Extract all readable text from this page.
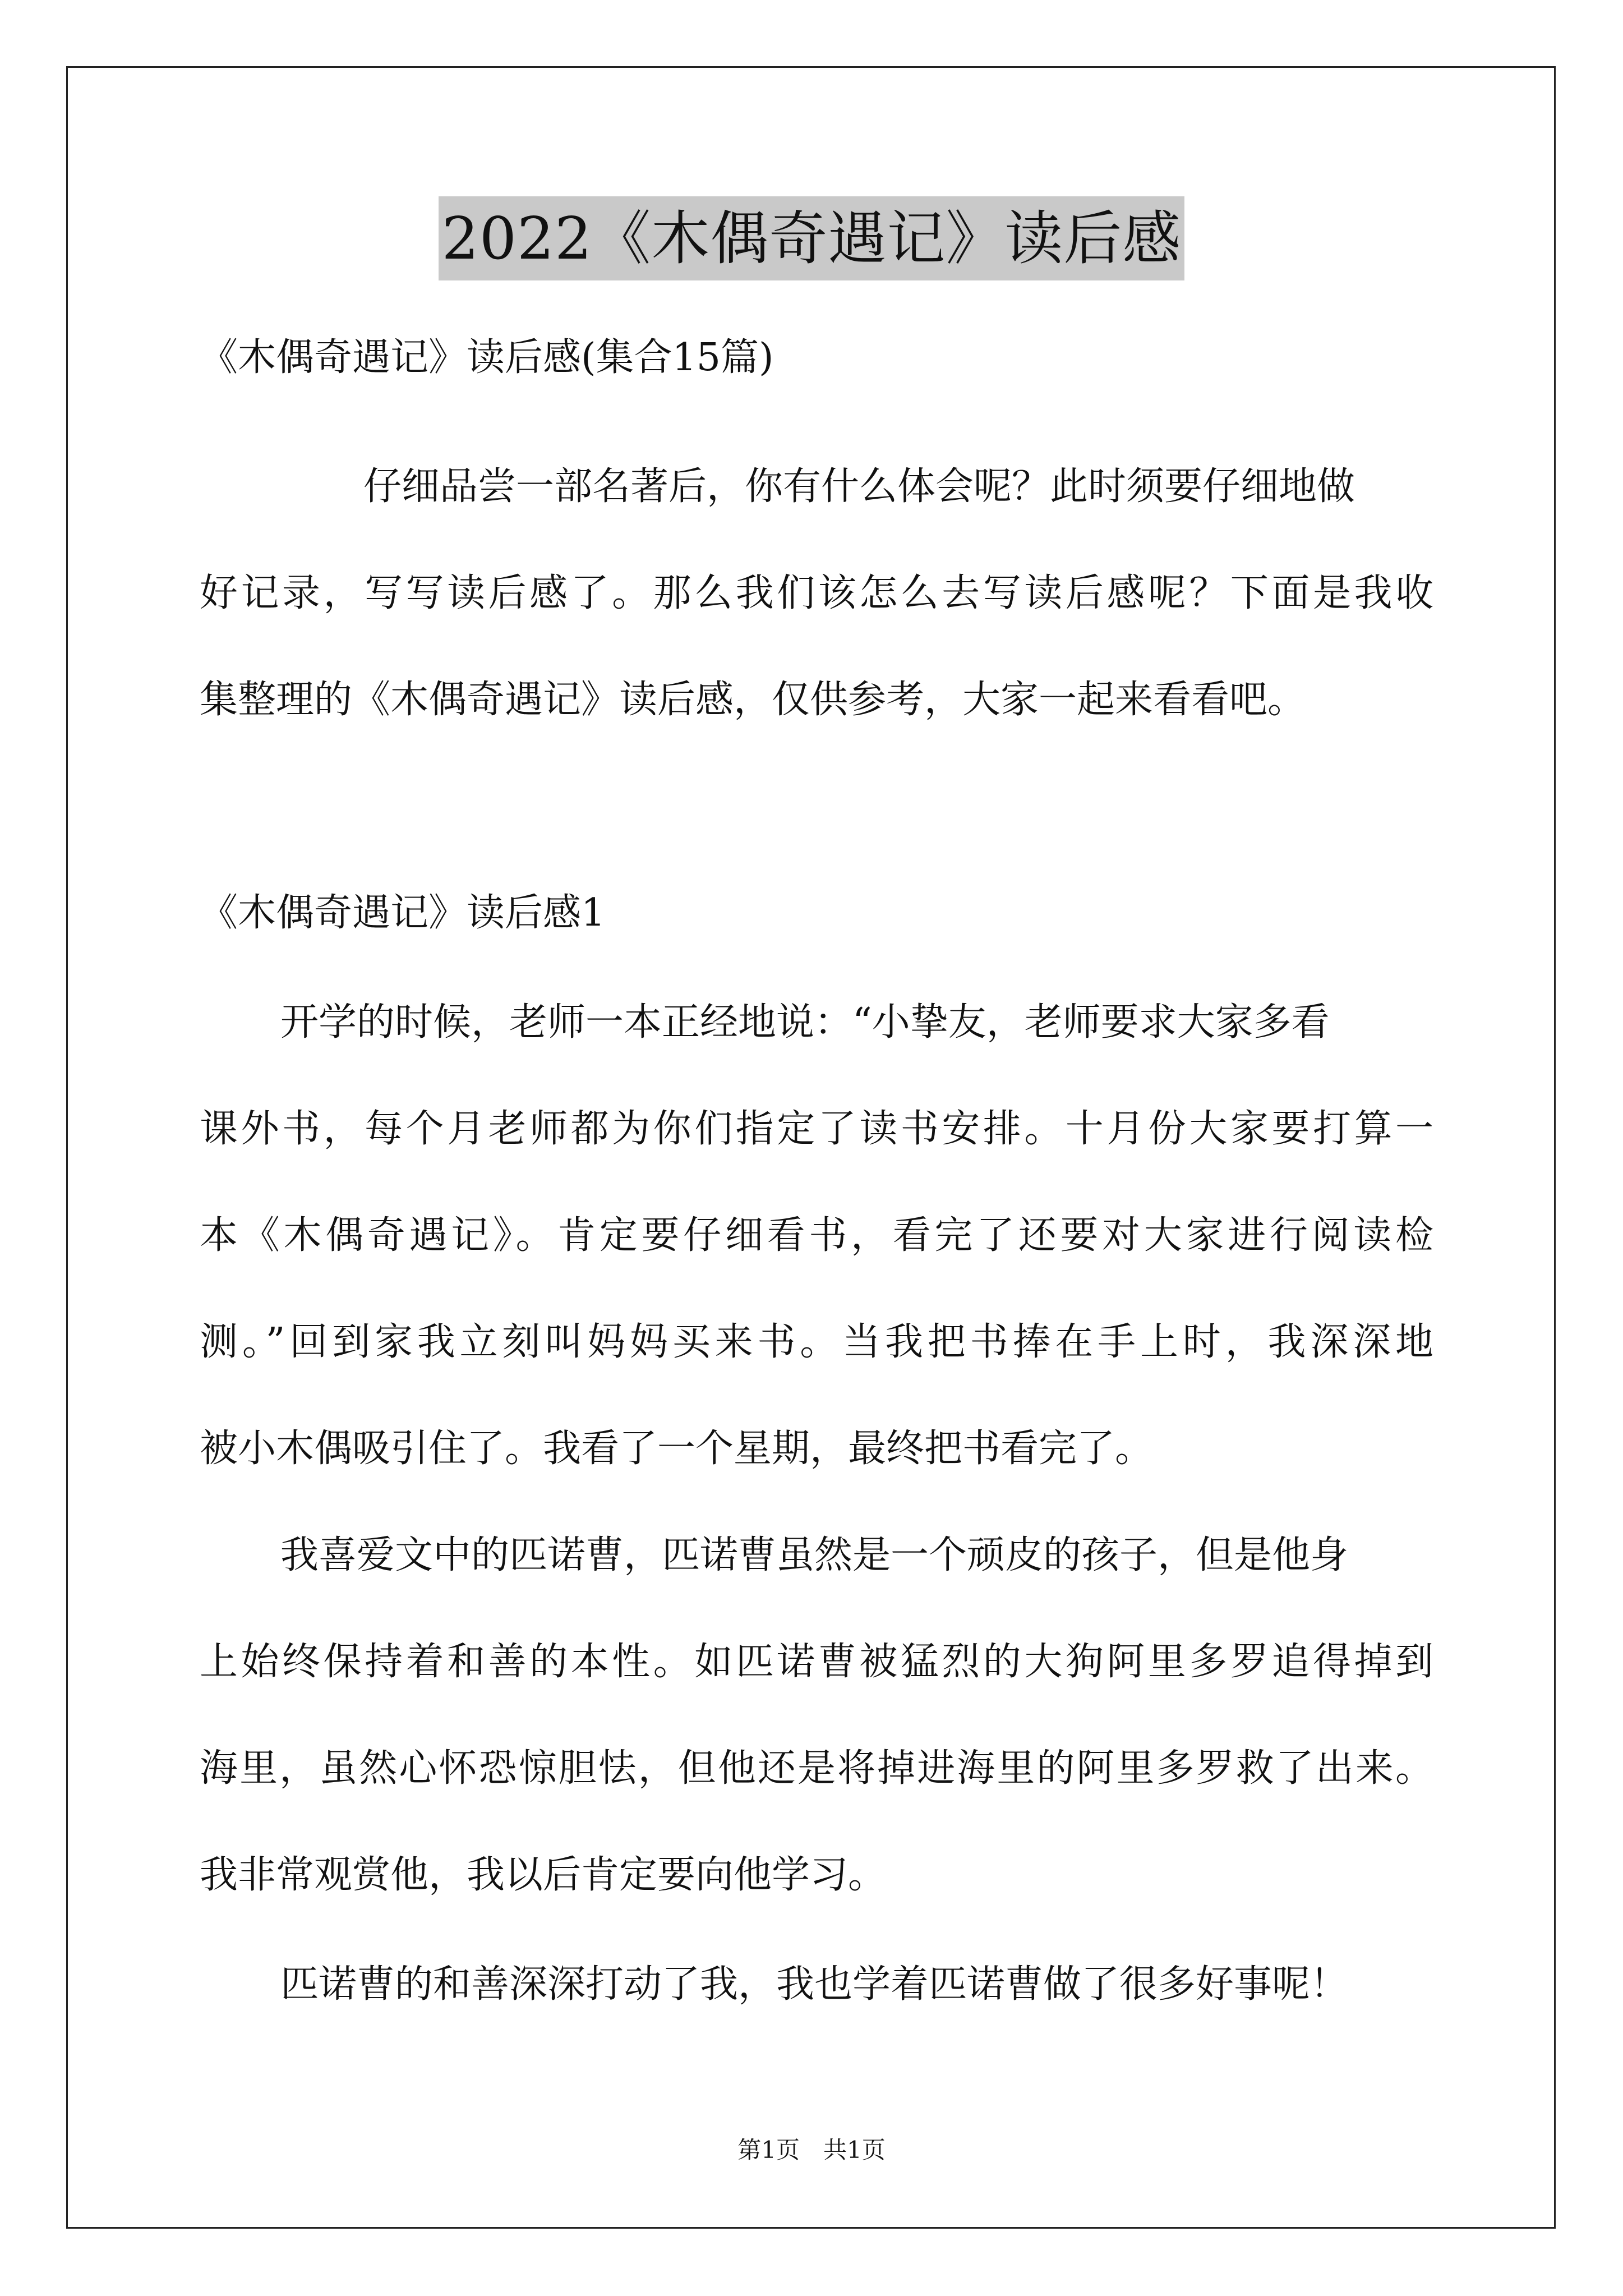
2022《木偶奇遇记》读后感
《木偶奇遇记》读后感(集合15篇)
仔细品尝一部名著后，你有什么体会呢？此时须要仔细地做
好记录，写写读后感了。那么我们该怎么去写读后感呢？下面是我收
集整理的《木偶奇遇记》读后感，仅供参考，大家一起来看看吧。
《木偶奇遇记》读后感1
开学的时候，老师一本正经地说：“小挚友，老师要求大家多看
课外书，每个月老师都为你们指定了读书安排。十月份大家要打算一
本《木偶奇遇记》。肯定要仔细看书，看完了还要对大家进行阅读检
测。”回到家我立刻叫妈妈买来书。当我把书捧在手上时，我深深地
被小木偶吸引住了。我看了一个星期，最终把书看完了。
我喜爱文中的匹诺曹，匹诺曹虽然是一个顽皮的孩子，但是他身
上始终保持着和善的本性。如匹诺曹被猛烈的大狗阿里多罗追得掉到
海里，虽然心怀恐惊胆怯，但他还是将掉进海里的阿里多罗救了出来。
我非常观赏他，我以后肯定要向他学习。
匹诺曹的和善深深打动了我，我也学着匹诺曹做了很多好事呢！
第1页　共1页
